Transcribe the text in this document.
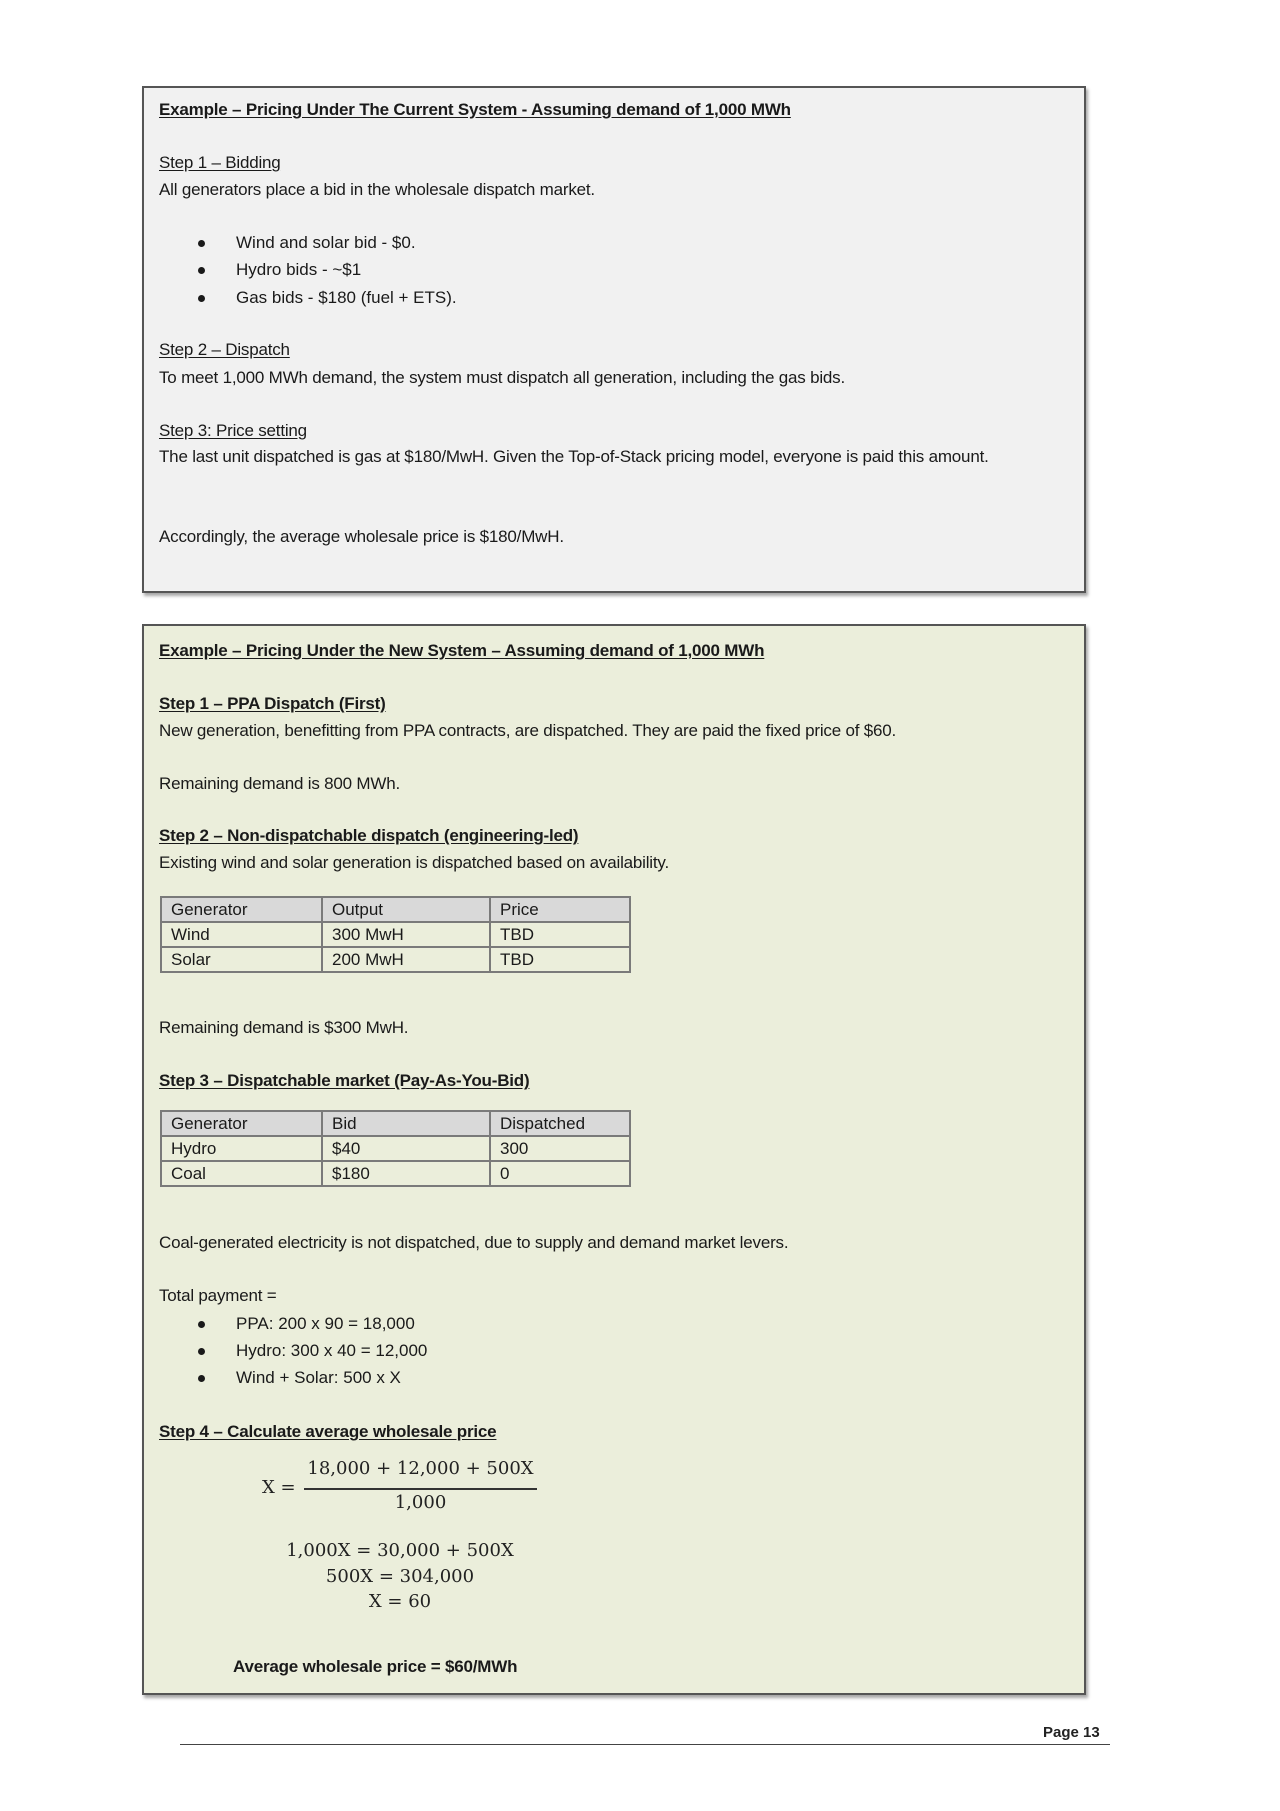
Example – Pricing Under The Current System - Assuming demand of 1,000 MWh
Step 1 – Bidding
All generators place a bid in the wholesale dispatch market.
Wind and solar bid - $0.
Hydro bids - ~$1
Gas bids - $180 (fuel + ETS).
Step 2 – Dispatch
To meet 1,000 MWh demand, the system must dispatch all generation, including the gas bids.
Step 3: Price setting
The last unit dispatched is gas at $180/MwH. Given the Top-of-Stack pricing model, everyone is paid this amount.
Accordingly, the average wholesale price is $180/MwH.
Example – Pricing Under the New System – Assuming demand of 1,000 MWh
Step 1 – PPA Dispatch (First)
New generation, benefitting from PPA contracts, are dispatched. They are paid the fixed price of $60.
Remaining demand is 800 MWh.
Step 2 – Non-dispatchable dispatch (engineering-led)
Existing wind and solar generation is dispatched based on availability.
Generator	Output	Price
Wind	300 MwH	TBD
Solar	200 MwH	TBD
Remaining demand is $300 MwH.
Step 3 – Dispatchable market (Pay-As-You-Bid)
Generator	Bid	Dispatched
Hydro	$40	300
Coal	$180	0
Coal-generated electricity is not dispatched, due to supply and demand market levers.
Total payment =
PPA: 200 x 90 = 18,000
Hydro: 300 x 40 = 12,000
Wind + Solar: 500 x X
Step 4 – Calculate average wholesale price
X =
18,000 + 12,000 + 500X
1,000
1,000X = 30,000 + 500X
500X = 304,000
X = 60
Average wholesale price = $60/MWh
Page 13
